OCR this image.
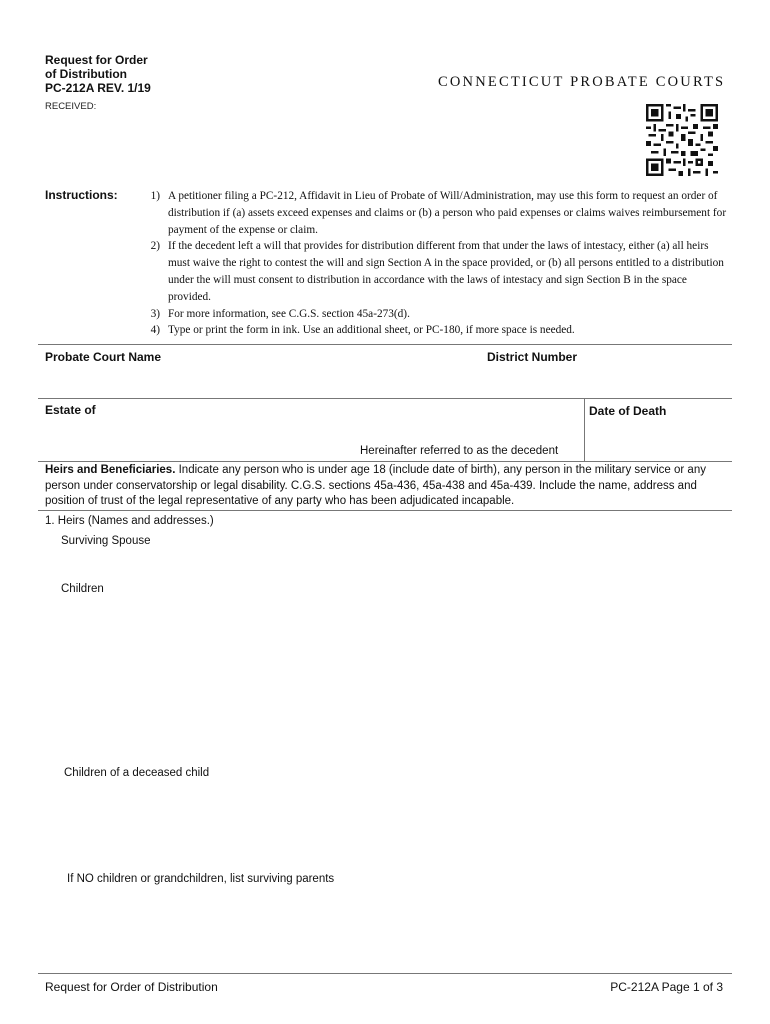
Request for Order
of Distribution
PC-212A REV. 1/19	CONNECTICUT PROBATE COURTS
RECEIVED:
Instructions:	1) A petitioner filing a PC-212, Affidavit in Lieu of Probate of Will/Administration, may use this form to request an order of distribution if (a) assets exceed expenses and claims or (b) a person who paid expenses or claims waives reimbursement for payment of the expense or claim.
2) If the decedent left a will that provides for distribution different from that under the laws of intestacy, either (a) all heirs must waive the right to contest the will and sign Section A in the space provided, or (b) all persons entitled to a distribution under the will must consent to distribution in accordance with the laws of intestacy and sign Section B in the space provided.
3) For more information, see C.G.S. section 45a-273(d).
4) Type or print the form in ink. Use an additional sheet, or PC-180, if more space is needed.
Probate Court Name	District Number
Estate of	Date of Death
Hereinafter referred to as the decedent
Heirs and Beneficiaries. Indicate any person who is under age 18 (include date of birth), any person in the military service or any person under conservatorship or legal disability. C.G.S. sections 45a-436, 45a-438 and 45a-439. Include the name, address and position of trust of the legal representative of any party who has been adjudicated incapable.
1. Heirs (Names and addresses.)
Surviving Spouse
Children
Children of a deceased child
If NO children or grandchildren, list surviving parents
Request for Order of Distribution	PC-212A Page 1 of 3
